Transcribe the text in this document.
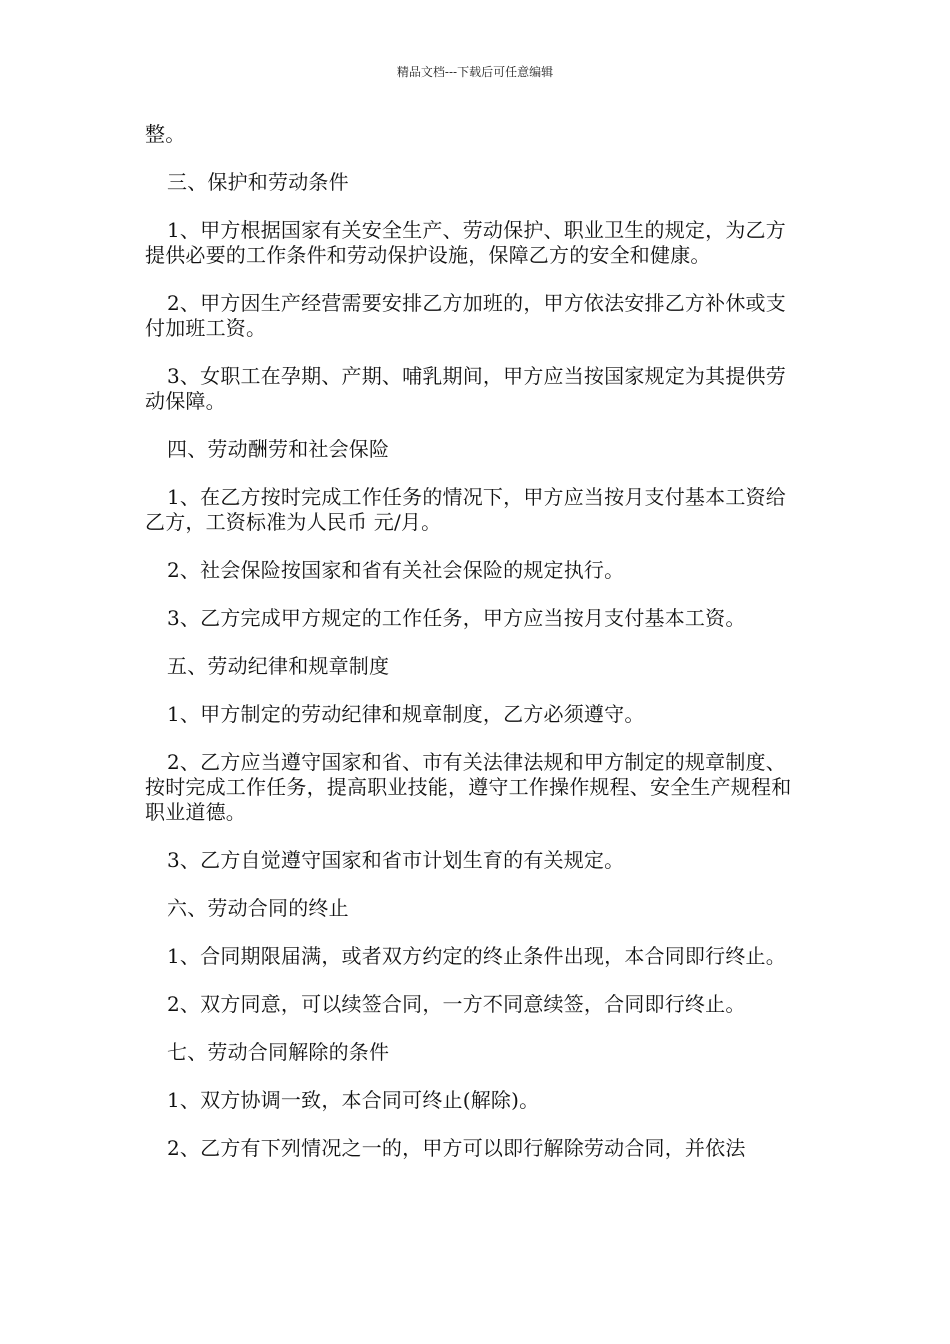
精品文档---下载后可任意编辑

整。

三、保护和劳动条件

1、甲方根据国家有关安全生产、劳动保护、职业卫生的规定，为乙方提供必要的工作条件和劳动保护设施，保障乙方的安全和健康。

2、甲方因生产经营需要安排乙方加班的，甲方依法安排乙方补休或支付加班工资。

3、女职工在孕期、产期、哺乳期间，甲方应当按国家规定为其提供劳动保障。

四、劳动酬劳和社会保险

1、在乙方按时完成工作任务的情况下，甲方应当按月支付基本工资给乙方，工资标准为人民币 元/月。

2、社会保险按国家和省有关社会保险的规定执行。

3、乙方完成甲方规定的工作任务，甲方应当按月支付基本工资。

五、劳动纪律和规章制度

1、甲方制定的劳动纪律和规章制度，乙方必须遵守。

2、乙方应当遵守国家和省、市有关法律法规和甲方制定的规章制度、按时完成工作任务，提高职业技能，遵守工作操作规程、安全生产规程和职业道德。

3、乙方自觉遵守国家和省市计划生育的有关规定。

六、劳动合同的终止

1、合同期限届满，或者双方约定的终止条件出现，本合同即行终止。

2、双方同意，可以续签合同，一方不同意续签，合同即行终止。

七、劳动合同解除的条件

1、双方协调一致，本合同可终止(解除)。

2、乙方有下列情况之一的，甲方可以即行解除劳动合同，并依法
